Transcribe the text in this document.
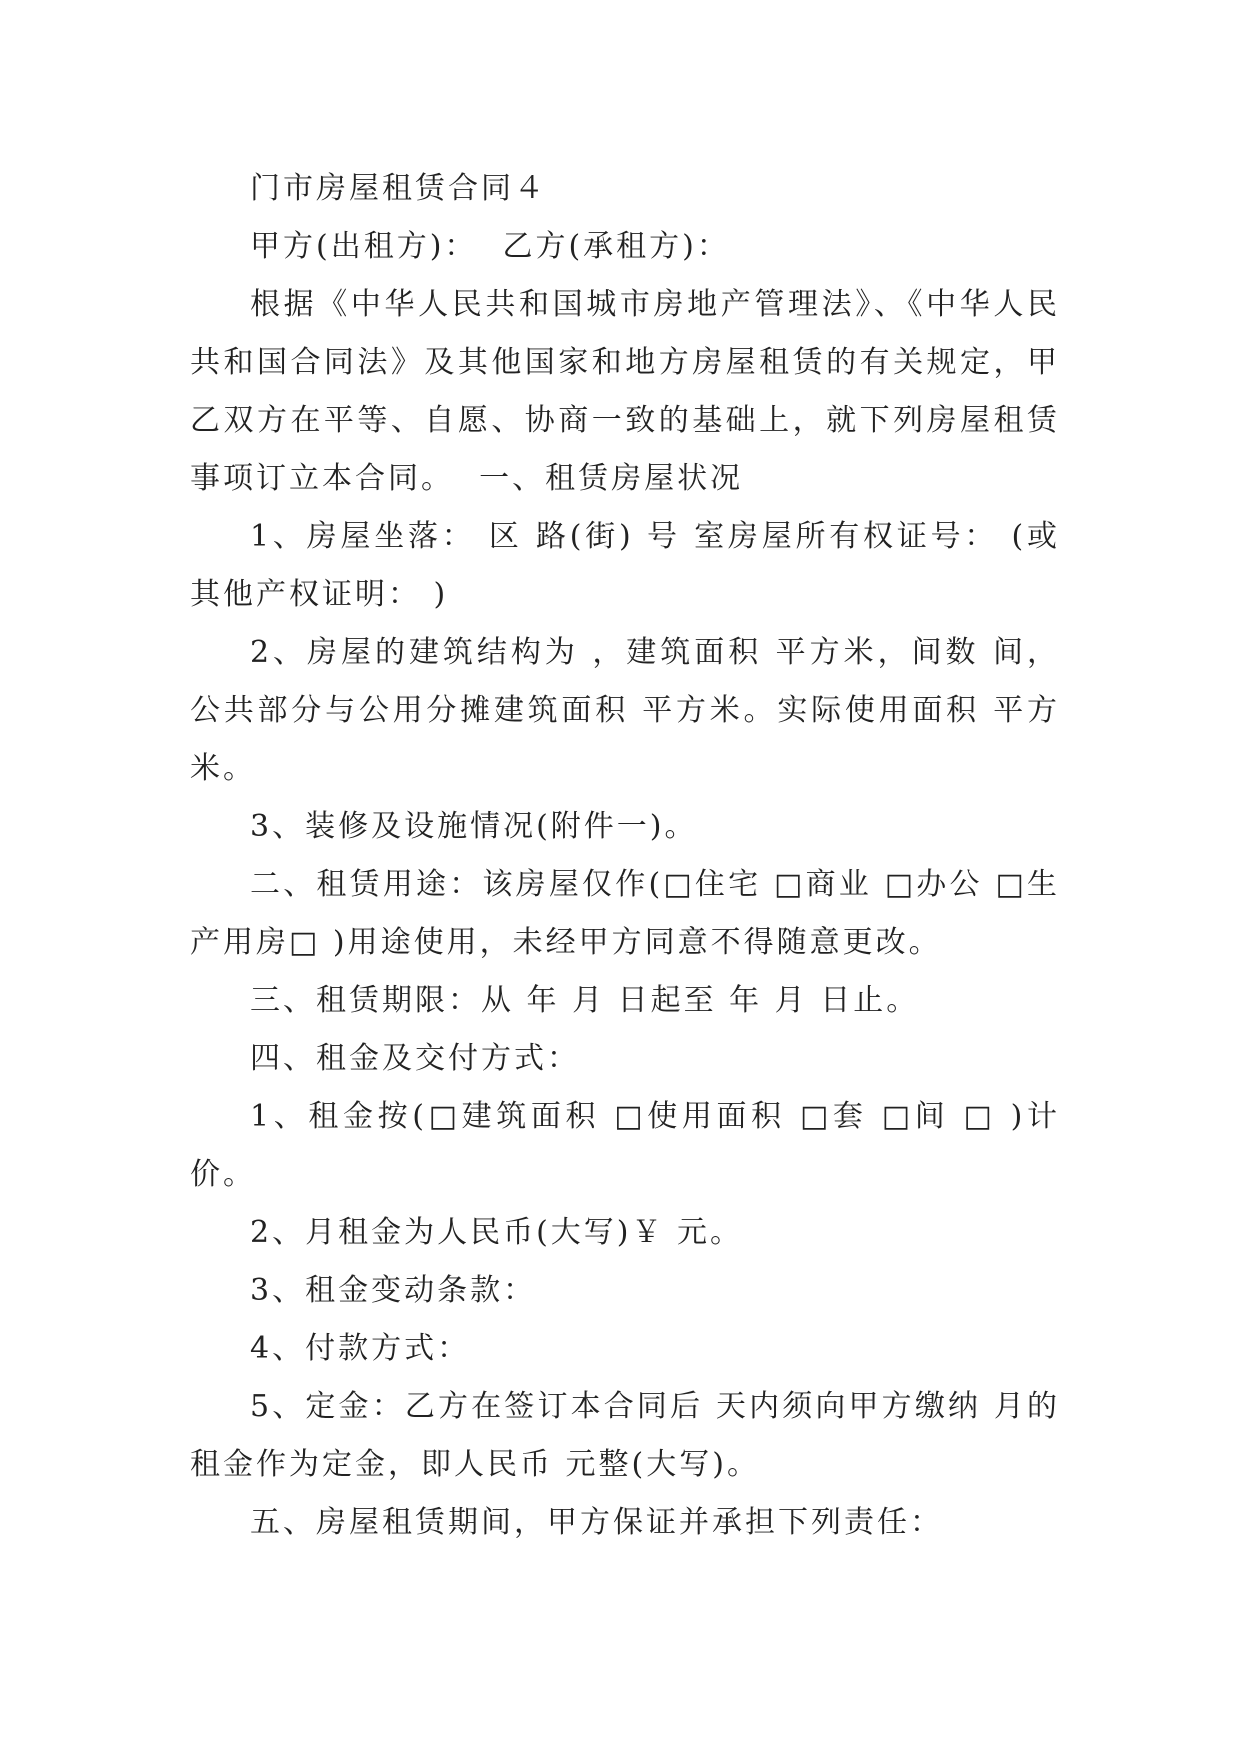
门市房屋租赁合同４

甲方(出租方)：  乙方(承租方)：

根据《中华人民共和国城市房地产管理法》、《中华人民共和国合同法》及其他国家和地方房屋租赁的有关规定，甲乙双方在平等、自愿、协商一致的基础上，就下列房屋租赁事项订立本合同。  一、租赁房屋状况

1、房屋坐落： 区 路(街) 号 室房屋所有权证号： (或其他产权证明： )

2、房屋的建筑结构为 ，建筑面积 平方米，间数 间，公共部分与公用分摊建筑面积 平方米。实际使用面积 平方米。

3、装修及设施情况(附件一)。

二、租赁用途：该房屋仅作(□住宅 □商业 □办公 □生产用房□ )用途使用，未经甲方同意不得随意更改。

三、租赁期限：从 年 月 日起至 年 月 日止。

四、租金及交付方式：

1、租金按(□建筑面积 □使用面积 □套 □间 □ )计价。

2、月租金为人民币(大写)￥ 元。

3、租金变动条款：

4、付款方式：

5、定金：乙方在签订本合同后 天内须向甲方缴纳 月的租金作为定金，即人民币 元整(大写)。

五、房屋租赁期间，甲方保证并承担下列责任：
